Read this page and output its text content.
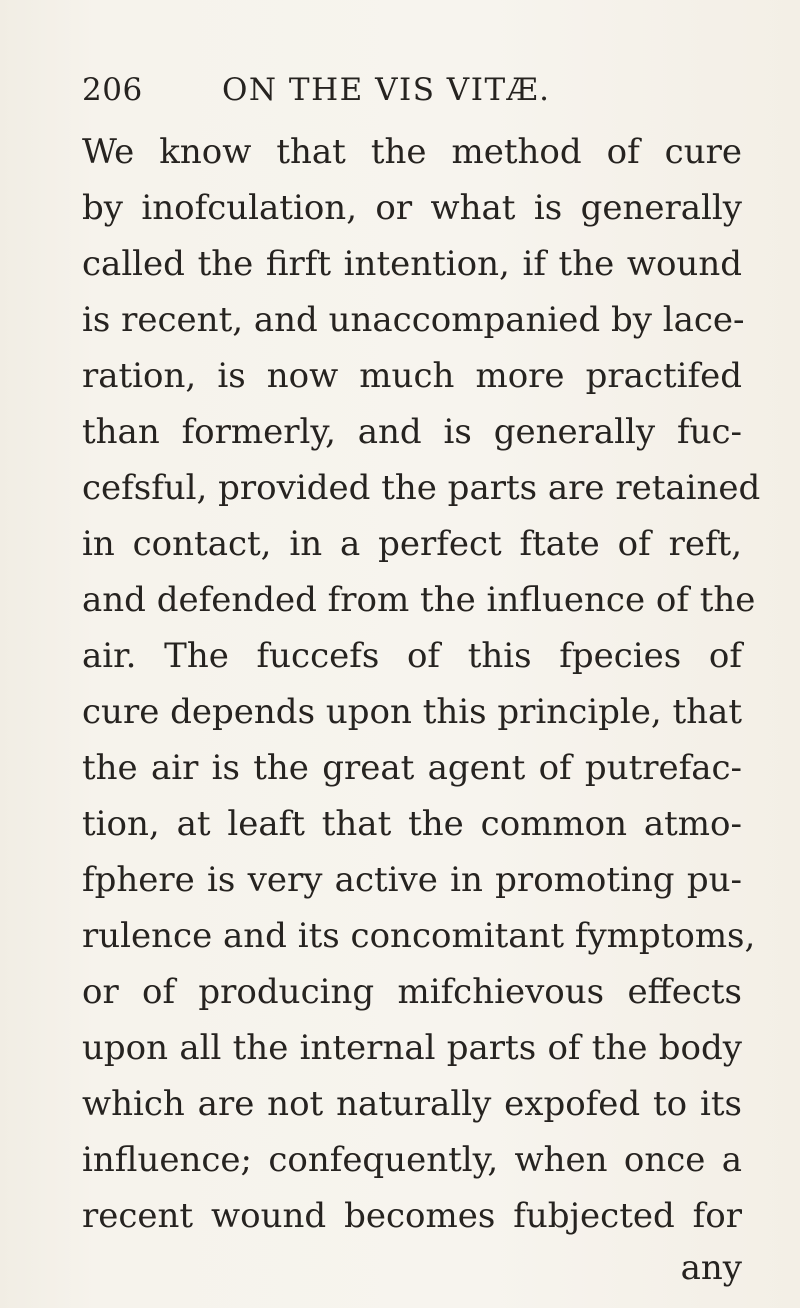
206	ON THE VIS VITÆ.
We know that the method of cure
by inofculation, or what is generally
called the firft intention, if the wound
is recent, and unaccompanied by lace-
ration, is now much more practifed
than formerly, and is generally fuc-
cefsful, provided the parts are retained
in contact, in a perfect ftate of reft,
and defended from the influence of the
air. The fuccefs of this fpecies of
cure depends upon this principle, that
the air is the great agent of putrefac-
tion, at leaft that the common atmo-
fphere is very active in promoting pu-
rulence and its concomitant fymptoms,
or of producing mifchievous effects
upon all the internal parts of the body
which are not naturally expofed to its
influence; confequently, when once a
recent wound becomes fubjected for
any
